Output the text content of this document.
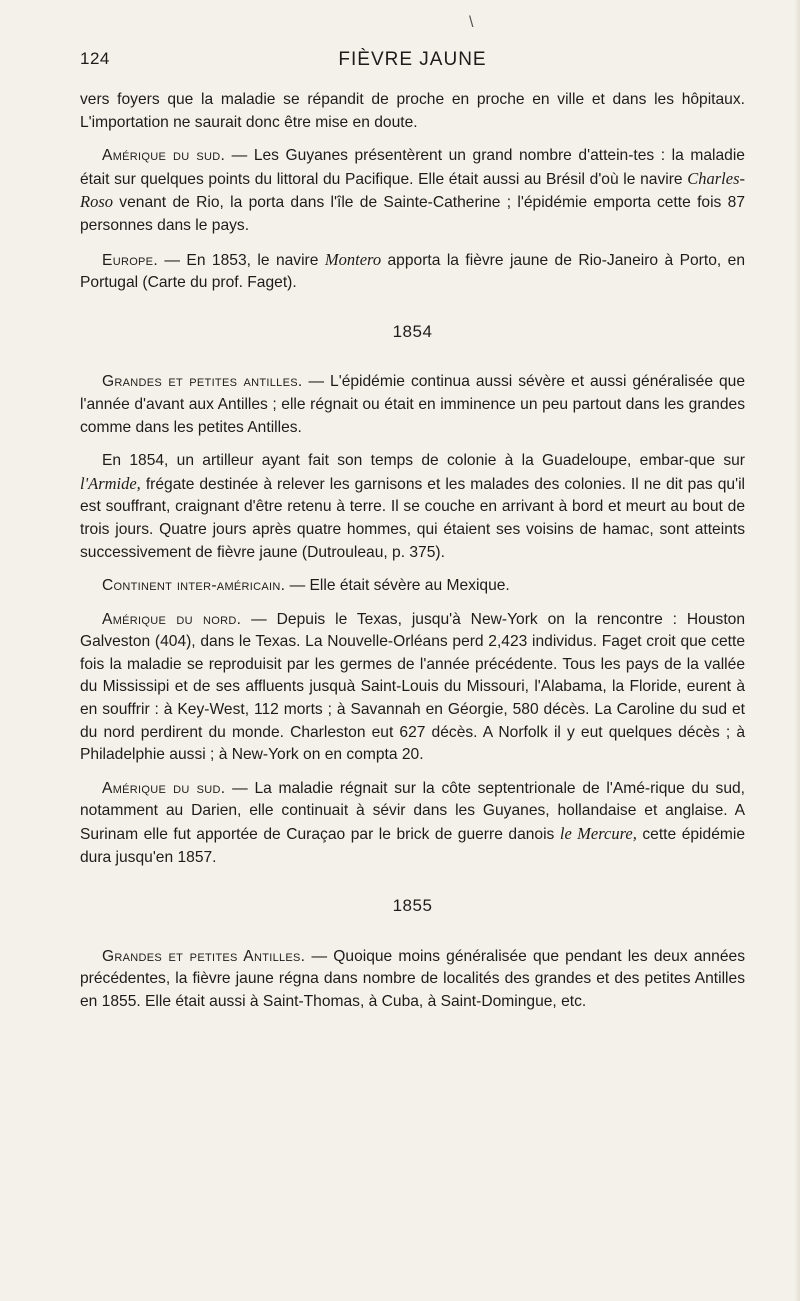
\
124	FIÈVRE JAUNE

vers foyers que la maladie se répandit de proche en proche en ville et dans les hôpitaux. L'importation ne saurait donc être mise en doute.

Amérique du sud. — Les Guyanes présentèrent un grand nombre d'attein-tes : la maladie était sur quelques points du littoral du Pacifique. Elle était aussi au Brésil d'où le navire Charles-Roso venant de Rio, la porta dans l'île de Sainte-Catherine ; l'épidémie emporta cette fois 87 personnes dans le pays.

Europe. — En 1853, le navire Montero apporta la fièvre jaune de Rio-Janeiro à Porto, en Portugal (Carte du prof. Faget).

1854

Grandes et petites antilles. — L'épidémie continua aussi sévère et aussi généralisée que l'année d'avant aux Antilles ; elle régnait ou était en imminence un peu partout dans les grandes comme dans les petites Antilles.

En 1854, un artilleur ayant fait son temps de colonie à la Guadeloupe, embar-que sur l'Armide, frégate destinée à relever les garnisons et les malades des colonies. Il ne dit pas qu'il est souffrant, craignant d'être retenu à terre. Il se couche en arrivant à bord et meurt au bout de trois jours. Quatre jours après quatre hommes, qui étaient ses voisins de hamac, sont atteints successivement de fièvre jaune (Dutrouleau, p. 375).

Continent inter-américain. — Elle était sévère au Mexique.

Amérique du nord. — Depuis le Texas, jusqu'à New-York on la rencontre : Houston Galveston (404), dans le Texas. La Nouvelle-Orléans perd 2,423 individus. Faget croit que cette fois la maladie se reproduisit par les germes de l'année précédente. Tous les pays de la vallée du Mississipi et de ses affluents jusquà Saint-Louis du Missouri, l'Alabama, la Floride, eurent à en souffrir : à Key-West, 112 morts ; à Savannah en Géorgie, 580 décès. La Caroline du sud et du nord perdirent du monde. Charleston eut 627 décès. A Norfolk il y eut quelques décès ; à Philadelphie aussi ; à New-York on en compta 20.

Amérique du sud. — La maladie régnait sur la côte septentrionale de l'Amé-rique du sud, notamment au Darien, elle continuait à sévir dans les Guyanes, hollandaise et anglaise. A Surinam elle fut apportée de Curaçao par le brick de guerre danois le Mercure, cette épidémie dura jusqu'en 1857.

1855

Grandes et petites Antilles. — Quoique moins généralisée que pendant les deux années précédentes, la fièvre jaune régna dans nombre de localités des grandes et des petites Antilles en 1855. Elle était aussi à Saint-Thomas, à Cuba, à Saint-Domingue, etc.
